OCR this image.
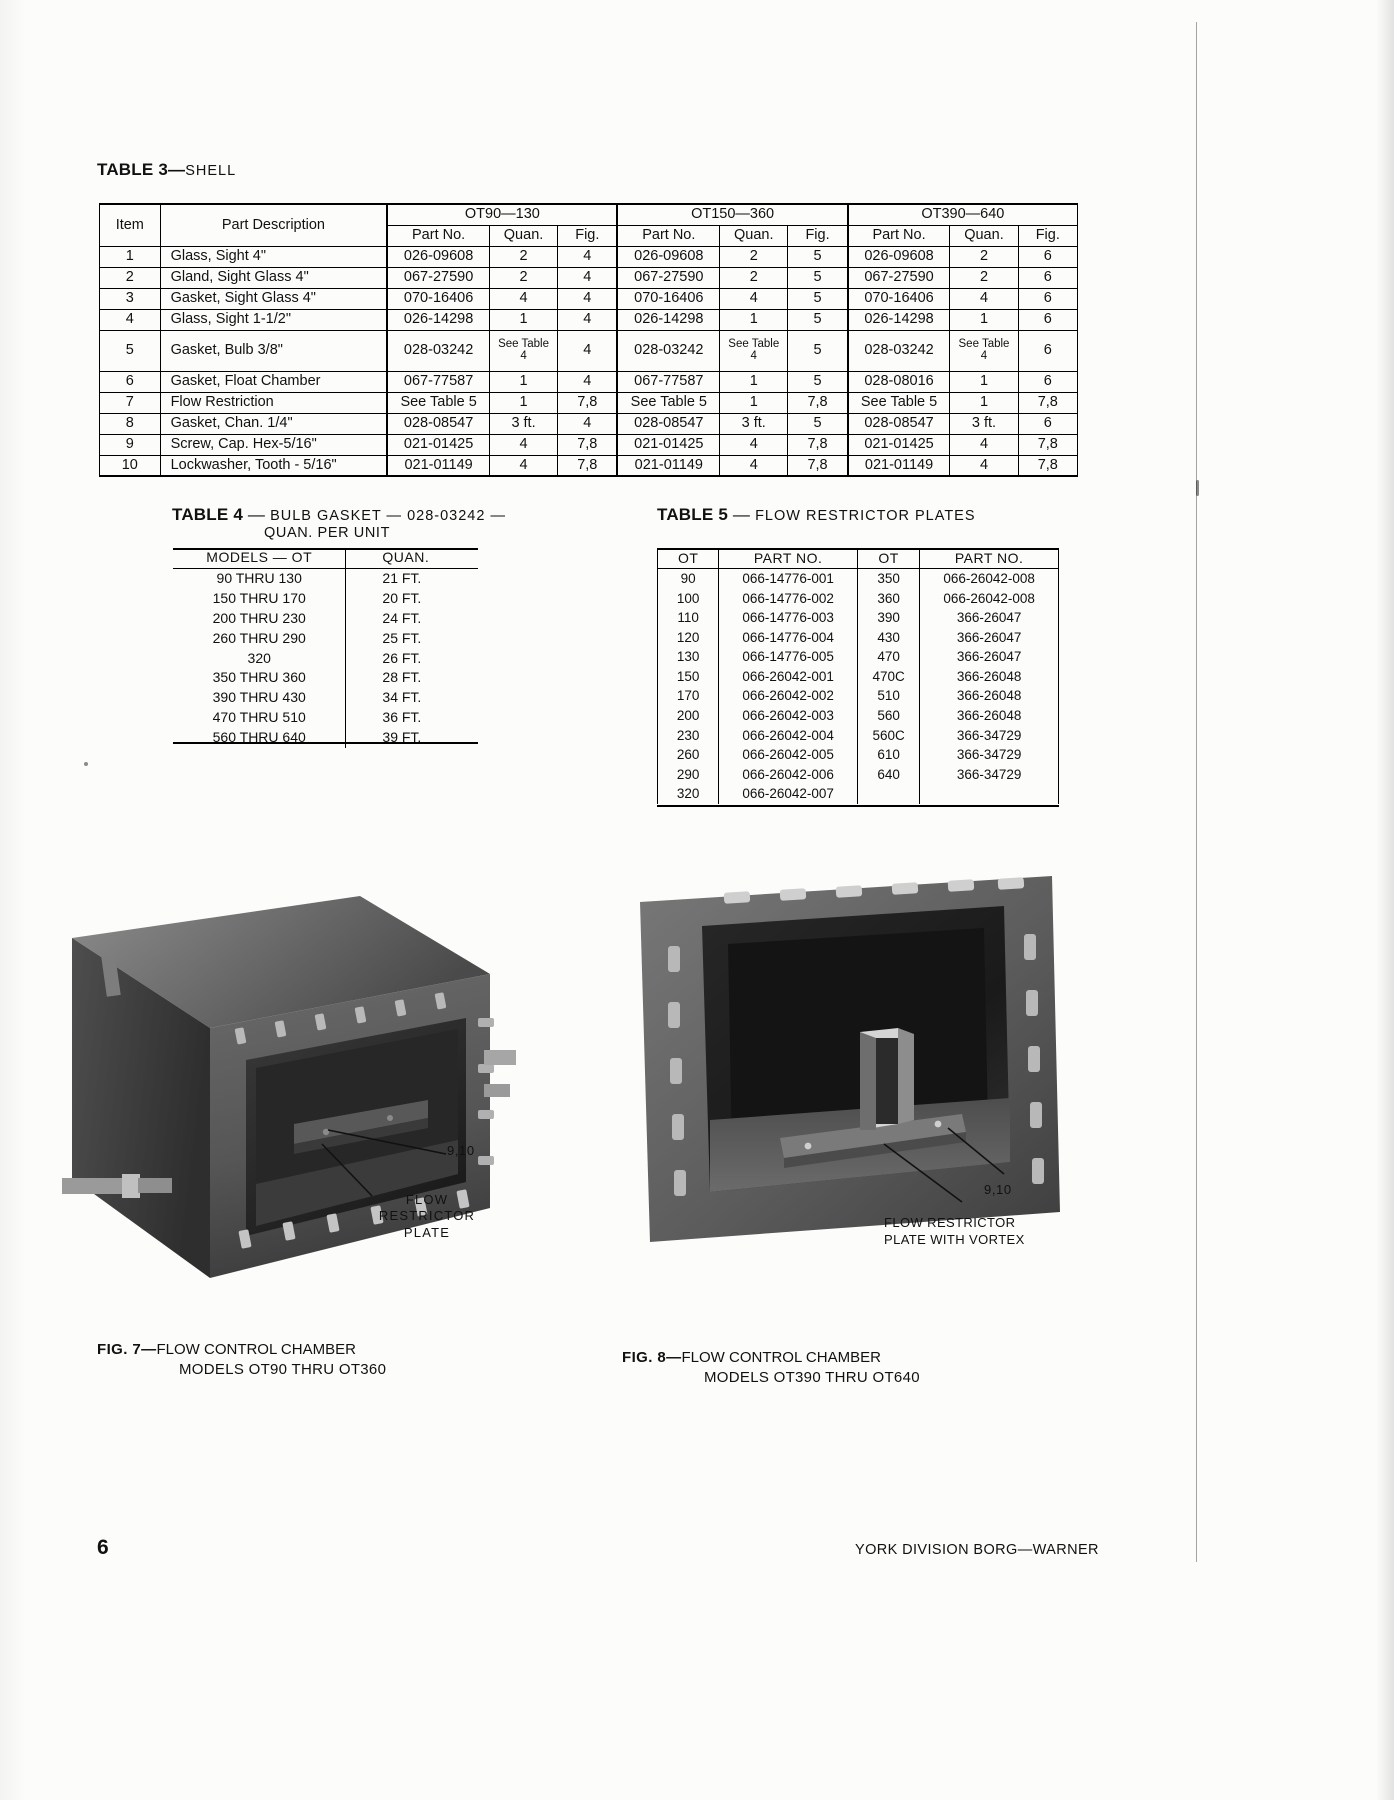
TABLE 3—SHELL
Item	Part Description	OT90—130			OT150—360			OT390—640		
		Part No.	Quan.	Fig.	Part No.	Quan.	Fig.	Part No.	Quan.	Fig.
1	Glass, Sight 4"	026-09608	2	4	026-09608	2	5	026-09608	2	6
2	Gland, Sight Glass 4"	067-27590	2	4	067-27590	2	5	067-27590	2	6
3	Gasket, Sight Glass 4"	070-16406	4	4	070-16406	4	5	070-16406	4	6
4	Glass, Sight 1-1/2"	026-14298	1	4	026-14298	1	5	026-14298	1	6
5	Gasket, Bulb 3/8"	028-03242	See Table 4	4	028-03242	See Table 4	5	028-03242	See Table 4	6
6	Gasket, Float Chamber	067-77587	1	4	067-77587	1	5	028-08016	1	6
7	Flow Restriction	See Table 5	1	7,8	See Table 5	1	7,8	See Table 5	1	7,8
8	Gasket, Chan. 1/4"	028-08547	3 ft.	4	028-08547	3 ft.	5	028-08547	3 ft.	6
9	Screw, Cap. Hex-5/16"	021-01425	4	7,8	021-01425	4	7,8	021-01425	4	7,8
10	Lockwasher, Tooth - 5/16"	021-01149	4	7,8	021-01149	4	7,8	021-01149	4	7,8
TABLE 4 — BULB GASKET — 028-03242 —
QUAN. PER UNIT
MODELS — OT	QUAN.
90 THRU 130	21 FT.
150 THRU 170	20 FT.
200 THRU 230	24 FT.
260 THRU 290	25 FT.
320	26 FT.
350 THRU 360	28 FT.
390 THRU 430	34 FT.
470 THRU 510	36 FT.
560 THRU 640	39 FT.
TABLE 5 — FLOW RESTRICTOR PLATES
OT	PART NO.	OT	PART NO.
90	066-14776-001	350	066-26042-008
100	066-14776-002	360	066-26042-008
110	066-14776-003	390	366-26047
120	066-14776-004	430	366-26047
130	066-14776-005	470	366-26047
150	066-26042-001	470C	366-26048
170	066-26042-002	510	366-26048
200	066-26042-003	560	366-26048
230	066-26042-004	560C	366-34729
260	066-26042-005	610	366-34729
290	066-26042-006	640	366-34729
320	066-26042-007		
9,10
FLOW
RESTRICTOR
PLATE
9,10
FLOW RESTRICTOR
PLATE WITH VORTEX
FIG. 7—FLOW CONTROL CHAMBER
MODELS OT90 THRU OT360
FIG. 8—FLOW CONTROL CHAMBER
MODELS OT390 THRU OT640
6	YORK DIVISION BORG—WARNER
